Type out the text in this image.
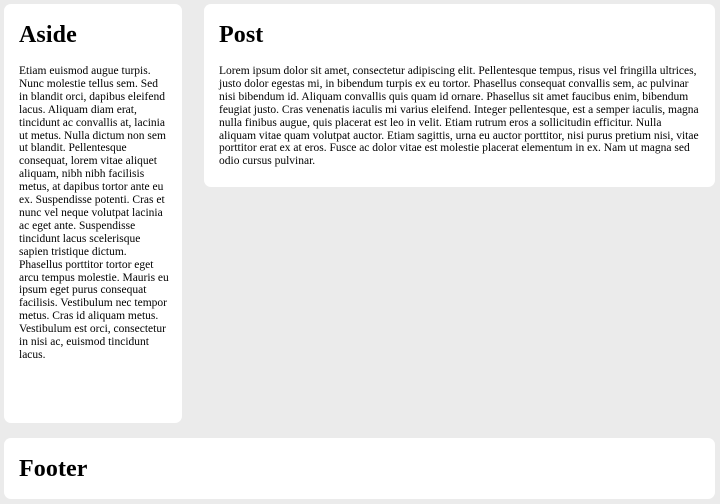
Aside

Etiam euismod augue turpis. Nunc molestie tellus sem. Sed in blandit orci, dapibus eleifend lacus. Aliquam diam erat, tincidunt ac convallis at, lacinia ut metus. Nulla dictum non sem ut blandit. Pellentesque consequat, lorem vitae aliquet aliquam, nibh nibh facilisis metus, at dapibus tortor ante eu ex. Suspendisse potenti. Cras et nunc vel neque volutpat lacinia ac eget ante. Suspendisse tincidunt lacus scelerisque sapien tristique dictum. Phasellus porttitor tortor eget arcu tempus molestie. Mauris eu ipsum eget purus consequat facilisis. Vestibulum nec tempor metus. Cras id aliquam metus. Vestibulum est orci, consectetur in nisi ac, euismod tincidunt lacus.

Post

Lorem ipsum dolor sit amet, consectetur adipiscing elit. Pellentesque tempus, risus vel fringilla ultrices, justo dolor egestas mi, in bibendum turpis ex eu tortor. Phasellus consequat convallis sem, ac pulvinar nisi bibendum id. Aliquam convallis quis quam id ornare. Phasellus sit amet faucibus enim, bibendum feugiat justo. Cras venenatis iaculis mi varius eleifend. Integer pellentesque, est a semper iaculis, magna nulla finibus augue, quis placerat est leo in velit. Etiam rutrum eros a sollicitudin efficitur. Nulla aliquam vitae quam volutpat auctor. Etiam sagittis, urna eu auctor porttitor, nisi purus pretium nisi, vitae porttitor erat ex at eros. Fusce ac dolor vitae est molestie placerat elementum in ex. Nam ut magna sed odio cursus pulvinar.

Footer
